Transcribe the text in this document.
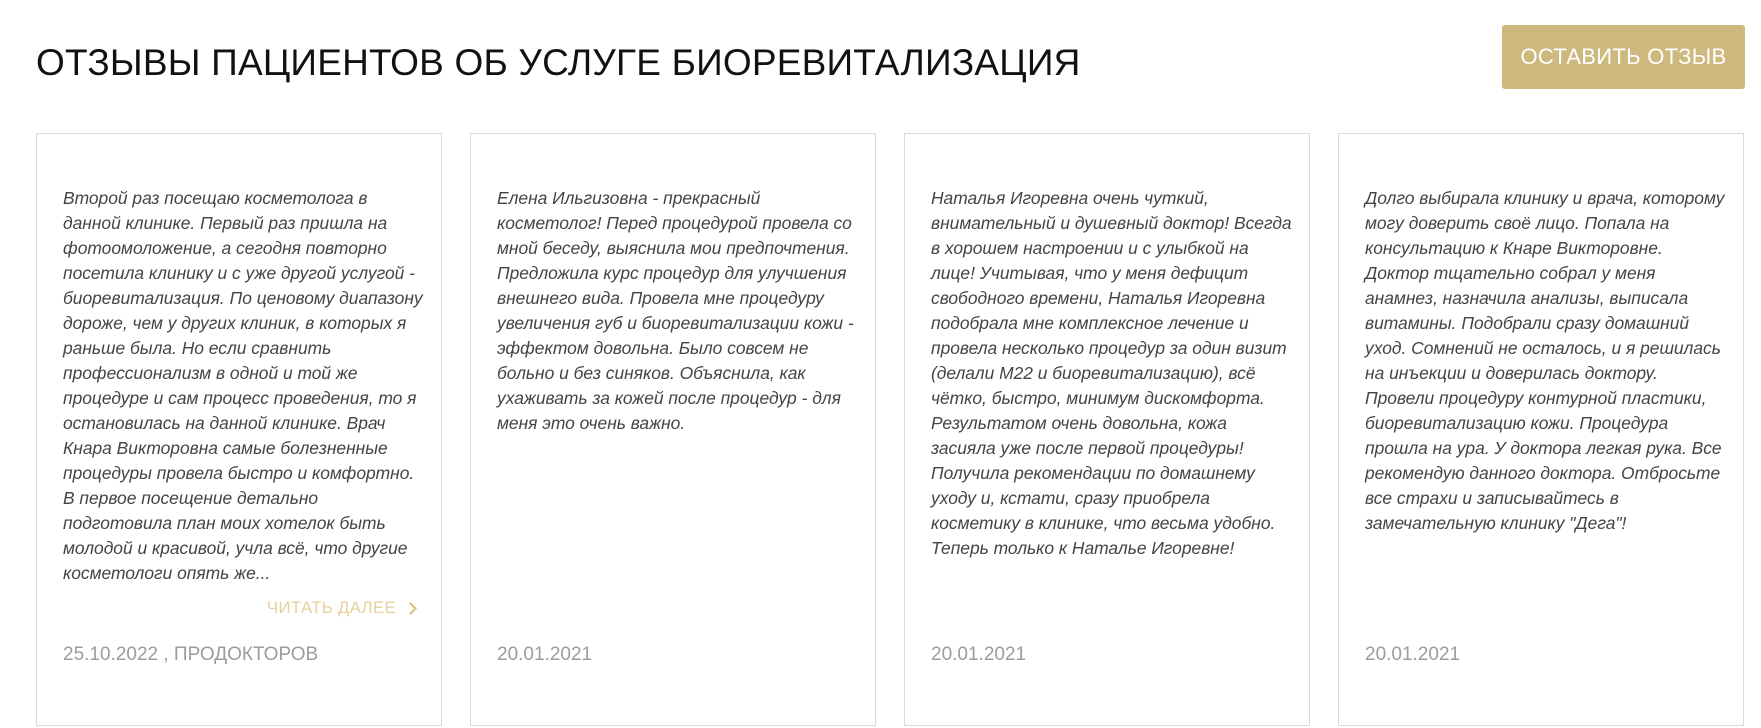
ОТЗЫВЫ ПАЦИЕНТОВ ОБ УСЛУГЕ БИОРЕВИТАЛИЗАЦИЯ	ОСТАВИТЬ ОТЗЫВ

Второй раз посещаю косметолога в данной клинике. Первый раз пришла на фотоомоложение, а сегодня повторно посетила клинику и с уже другой услугой - биоревитализация. По ценовому диапазону дороже, чем у других клиник, в которых я раньше была. Но если сравнить профессионализм в одной и той же процедуре и сам процесс проведения, то я остановилась на данной клинике. Врач Кнара Викторовна самые болезненные процедуры провела быстро и комфортно. В первое посещение детально подготовила план моих хотелок быть молодой и красивой, учла всё, что другие косметологи опять же...

ЧИТАТЬ ДАЛЕЕ
25.10.2022 , ПРОДОКТОРОВ

Елена Ильгизовна - прекрасный косметолог! Перед процедурой провела со мной беседу, выяснила мои предпочтения. Предложила курс процедур для улучшения внешнего вида. Провела мне процедуру увеличения губ и биоревитализации кожи - эффектом довольна. Было совсем не больно и без синяков. Объяснила, как ухаживать за кожей после процедур - для меня это очень важно.

20.01.2021

Наталья Игоревна очень чуткий, внимательный и душевный доктор! Всегда в хорошем настроении и с улыбкой на лице! Учитывая, что у меня дефицит свободного времени, Наталья Игоревна подобрала мне комплексное лечение и провела несколько процедур за один визит (делали М22 и биоревитализацию), всё чётко, быстро, минимум дискомфорта. Результатом очень довольна, кожа засияла уже после первой процедуры! Получила рекомендации по домашнему уходу и, кстати, сразу приобрела косметику в клинике, что весьма удобно. Теперь только к Наталье Игоревне!

20.01.2021

Долго выбирала клинику и врача, которому могу доверить своё лицо. Попала на консультацию к Кнаре Викторовне. Доктор тщательно собрал у меня анамнез, назначила анализы, выписала витамины. Подобрали сразу домашний уход. Сомнений не осталось, и я решилась на инъекции и доверилась доктору. Провели процедуру контурной пластики, биоревитализацию кожи. Процедура прошла на ура. У доктора легкая рука. Все рекомендую данного доктора. Отбросьте все страхи и записывайтесь в замечательную клинику "Дега"!

20.01.2021
